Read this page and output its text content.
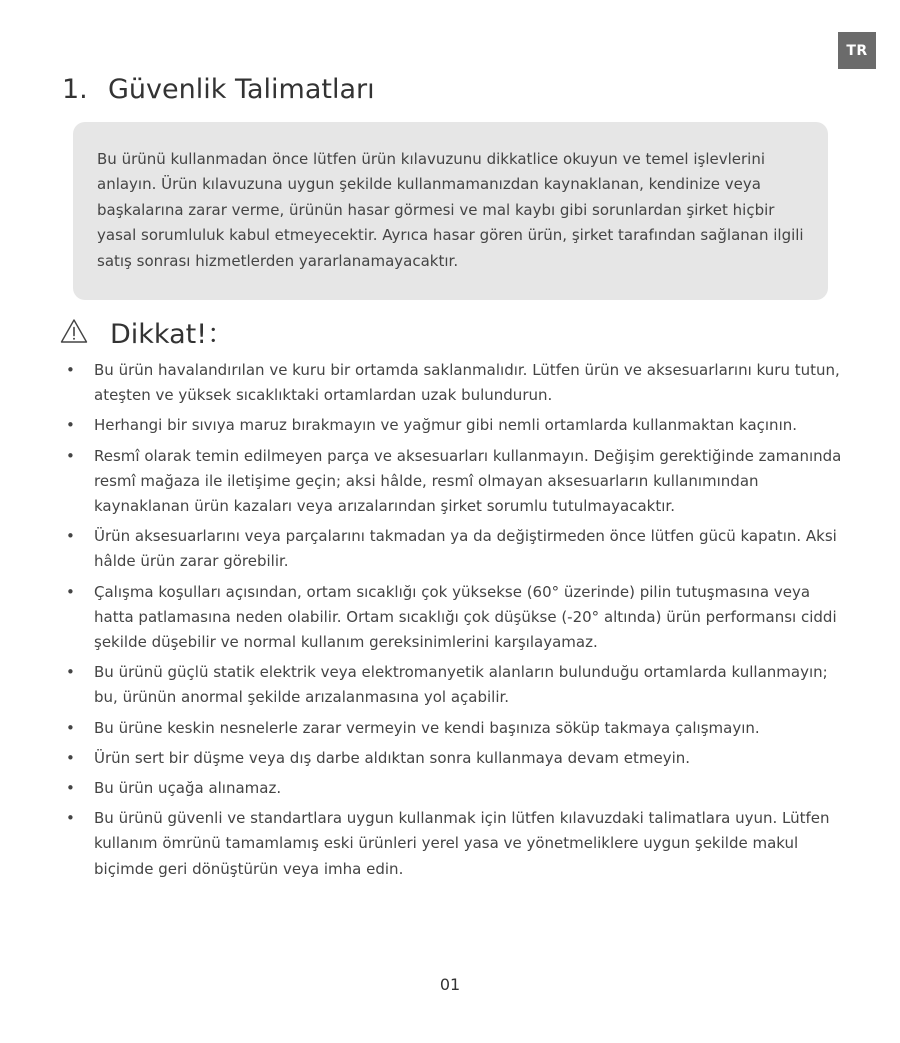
TR
1. Güvenlik Talimatları

Bu ürünü kullanmadan önce lütfen ürün kılavuzunu dikkatlice okuyun ve temel işlevlerini anlayın. Ürün kılavuzuna uygun şekilde kullanmamanızdan kaynaklanan, kendinize veya başkalarına zarar verme, ürünün hasar görmesi ve mal kaybı gibi sorunlardan şirket hiçbir yasal sorumluluk kabul etmeyecektir. Ayrıca hasar gören ürün, şirket tarafından sağlanan ilgili satış sonrası hizmetlerden yararlanamayacaktır.

Dikkat!：
• Bu ürün havalandırılan ve kuru bir ortamda saklanmalıdır. Lütfen ürün ve aksesuarlarını kuru tutun, ateşten ve yüksek sıcaklıktaki ortamlardan uzak bulundurun.
• Herhangi bir sıvıya maruz bırakmayın ve yağmur gibi nemli ortamlarda kullanmaktan kaçının.
• Resmî olarak temin edilmeyen parça ve aksesuarları kullanmayın. Değişim gerektiğinde zamanında resmî mağaza ile iletişime geçin; aksi hâlde, resmî olmayan aksesuarların kullanımından kaynaklanan ürün kazaları veya arızalarından şirket sorumlu tutulmayacaktır.
• Ürün aksesuarlarını veya parçalarını takmadan ya da değiştirmeden önce lütfen gücü kapatın. Aksi hâlde ürün zarar görebilir.
• Çalışma koşulları açısından, ortam sıcaklığı çok yüksekse (60° üzerinde) pilin tutuşmasına veya hatta patlamasına neden olabilir. Ortam sıcaklığı çok düşükse (-20° altında) ürün performansı ciddi şekilde düşebilir ve normal kullanım gereksinimlerini karşılayamaz.
• Bu ürünü güçlü statik elektrik veya elektromanyetik alanların bulunduğu ortamlarda kullanmayın; bu, ürünün anormal şekilde arızalanmasına yol açabilir.
• Bu ürüne keskin nesnelerle zarar vermeyin ve kendi başınıza söküp takmaya çalışmayın.
• Ürün sert bir düşme veya dış darbe aldıktan sonra kullanmaya devam etmeyin.
• Bu ürün uçağa alınamaz.
• Bu ürünü güvenli ve standartlara uygun kullanmak için lütfen kılavuzdaki talimatlara uyun. Lütfen kullanım ömrünü tamamlamış eski ürünleri yerel yasa ve yönetmeliklere uygun şekilde makul biçimde geri dönüştürün veya imha edin.
01
